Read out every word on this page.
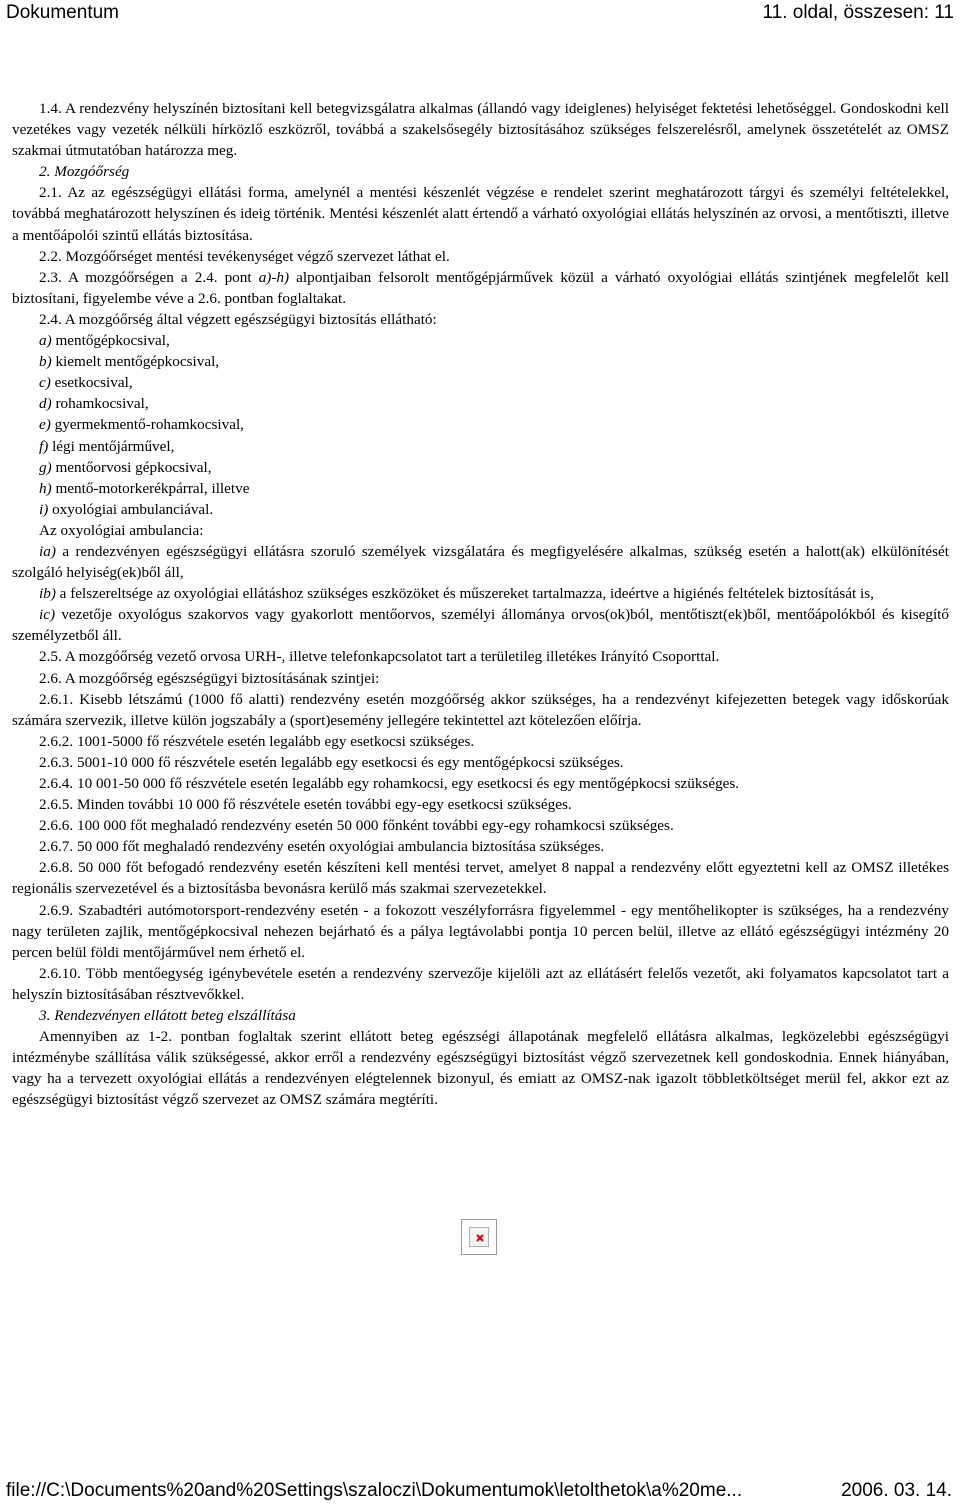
Dokumentum	11. oldal, összesen: 11

1.4. A rendezvény helyszínén biztosítani kell betegvizsgálatra alkalmas (állandó vagy ideiglenes) helyiséget fektetési lehetőséggel. Gondoskodni kell vezetékes vagy vezeték nélküli hírközlő eszközről, továbbá a szakelsősegély biztosításához szükséges felszerelésről, amelynek összetételét az OMSZ szakmai útmutatóban határozza meg.

2. Mozgóőrség

2.1. Az az egészségügyi ellátási forma, amelynél a mentési készenlét végzése e rendelet szerint meghatározott tárgyi és személyi feltételekkel, továbbá meghatározott helyszínen és ideig történik. Mentési készenlét alatt értendő a várható oxyológiai ellátás helyszínén az orvosi, a mentőtiszti, illetve a mentőápolói szintű ellátás biztosítása.

2.2. Mozgóőrséget mentési tevékenységet végző szervezet láthat el.

2.3. A mozgóőrségen a 2.4. pont a)-h) alpontjaiban felsorolt mentőgépjárművek közül a várható oxyológiai ellátás szintjének megfelelőt kell biztosítani, figyelembe véve a 2.6. pontban foglaltakat.

2.4. A mozgóőrség által végzett egészségügyi biztosítás ellátható:

a) mentőgépkocsival,

b) kiemelt mentőgépkocsival,

c) esetkocsival,

d) rohamkocsival,

e) gyermekmentő-rohamkocsival,

f) légi mentőjárművel,

g) mentőorvosi gépkocsival,

h) mentő-motorkerékpárral, illetve

i) oxyológiai ambulanciával.

Az oxyológiai ambulancia:

ia) a rendezvényen egészségügyi ellátásra szoruló személyek vizsgálatára és megfigyelésére alkalmas, szükség esetén a halott(ak) elkülönítését szolgáló helyiség(ek)ből áll,

ib) a felszereltsége az oxyológiai ellátáshoz szükséges eszközöket és műszereket tartalmazza, ideértve a higiénés feltételek biztosítását is,

ic) vezetője oxyológus szakorvos vagy gyakorlott mentőorvos, személyi állománya orvos(ok)ból, mentőtiszt(ek)ből, mentőápolókból és kisegítő személyzetből áll.

2.5. A mozgóőrség vezető orvosa URH-, illetve telefonkapcsolatot tart a területileg illetékes Irányító Csoporttal.

2.6. A mozgóőrség egészségügyi biztosításának szintjei:

2.6.1. Kisebb létszámú (1000 fő alatti) rendezvény esetén mozgóőrség akkor szükséges, ha a rendezvényt kifejezetten betegek vagy időskorúak számára szervezik, illetve külön jogszabály a (sport)esemény jellegére tekintettel azt kötelezően előírja.

2.6.2. 1001-5000 fő részvétele esetén legalább egy esetkocsi szükséges.

2.6.3. 5001-10 000 fő részvétele esetén legalább egy esetkocsi és egy mentőgépkocsi szükséges.

2.6.4. 10 001-50 000 fő részvétele esetén legalább egy rohamkocsi, egy esetkocsi és egy mentőgépkocsi szükséges.

2.6.5. Minden további 10 000 fő részvétele esetén további egy-egy esetkocsi szükséges.

2.6.6. 100 000 főt meghaladó rendezvény esetén 50 000 főnként további egy-egy rohamkocsi szükséges.

2.6.7. 50 000 főt meghaladó rendezvény esetén oxyológiai ambulancia biztosítása szükséges.

2.6.8. 50 000 főt befogadó rendezvény esetén készíteni kell mentési tervet, amelyet 8 nappal a rendezvény előtt egyeztetni kell az OMSZ illetékes regionális szervezetével és a biztosításba bevonásra kerülő más szakmai szervezetekkel.

2.6.9. Szabadtéri autómotorsport-rendezvény esetén - a fokozott veszélyforrásra figyelemmel - egy mentőhelikopter is szükséges, ha a rendezvény nagy területen zajlik, mentőgépkocsival nehezen bejárható és a pálya legtávolabbi pontja 10 percen belül, illetve az ellátó egészségügyi intézmény 20 percen belül földi mentőjárművel nem érhető el.

2.6.10. Több mentőegység igénybevétele esetén a rendezvény szervezője kijelöli azt az ellátásért felelős vezetőt, aki folyamatos kapcsolatot tart a helyszín biztosításában résztvevőkkel.

3. Rendezvényen ellátott beteg elszállítása

Amennyiben az 1-2. pontban foglaltak szerint ellátott beteg egészségi állapotának megfelelő ellátásra alkalmas, legközelebbi egészségügyi intézménybe szállítása válik szükségessé, akkor erről a rendezvény egészségügyi biztosítást végző szervezetnek kell gondoskodnia. Ennek hiányában, vagy ha a tervezett oxyológiai ellátás a rendezvényen elégtelennek bizonyul, és emiatt az OMSZ-nak igazolt többletköltséget merül fel, akkor ezt az egészségügyi biztosítást végző szervezet az OMSZ számára megtéríti.

file://C:\Documents%20and%20Settings\szaloczi\Dokumentumok\letolthetok\a%20me...	2006. 03. 14.
